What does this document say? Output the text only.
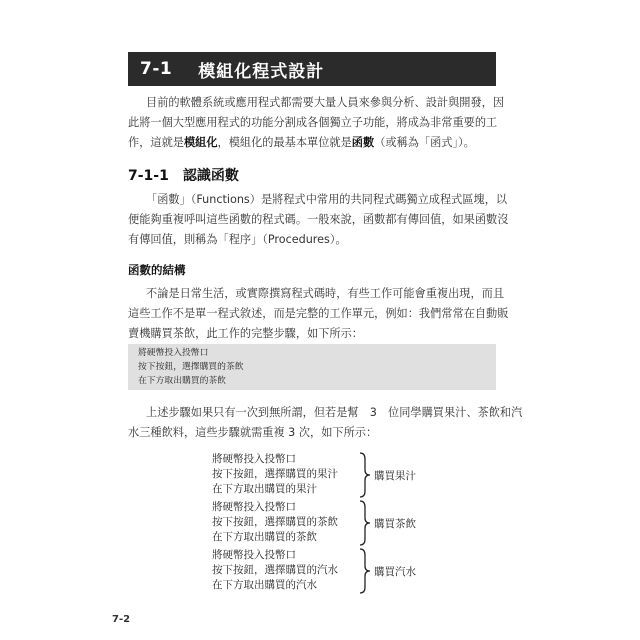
7-1 模組化程式設計

目前的軟體系統或應用程式都需要大量人員來參與分析、設計與開發，因

此將一個大型應用程式的功能分割成各個獨立子功能，將成為非常重要的工

作，這就是模組化，模組化的最基本單位就是函數（或稱為「函式」）。

7-1-1 認識函數

「函數」（Functions）是將程式中常用的共同程式碼獨立成程式區塊，以

便能夠重複呼叫這些函數的程式碼。一般來說，函數都有傳回值，如果函數沒

有傳回值，則稱為「程序」（Procedures）。

函數的結構

不論是日常生活，或實際撰寫程式碼時，有些工作可能會重複出現，而且

這些工作不是單一程式敘述，而是完整的工作單元，例如：我們常常在自動販

賣機購買茶飲，此工作的完整步驟，如下所示：

將硬幣投入投幣口
按下按鈕，選擇購買的茶飲
在下方取出購買的茶飲

上述步驟如果只有一次到無所謂，但若是幫　3　位同學購買果汁、茶飲和汽

水三種飲料，這些步驟就需重複 3 次，如下所示：

將硬幣投入投幣口
按下按鈕，選擇購買的果汁
在下方取出購買的果汁
購買果汁
將硬幣投入投幣口
按下按鈕，選擇購買的茶飲
在下方取出購買的茶飲
購買茶飲
將硬幣投入投幣口
按下按鈕，選擇購買的汽水
在下方取出購買的汽水
購買汽水
7-2
